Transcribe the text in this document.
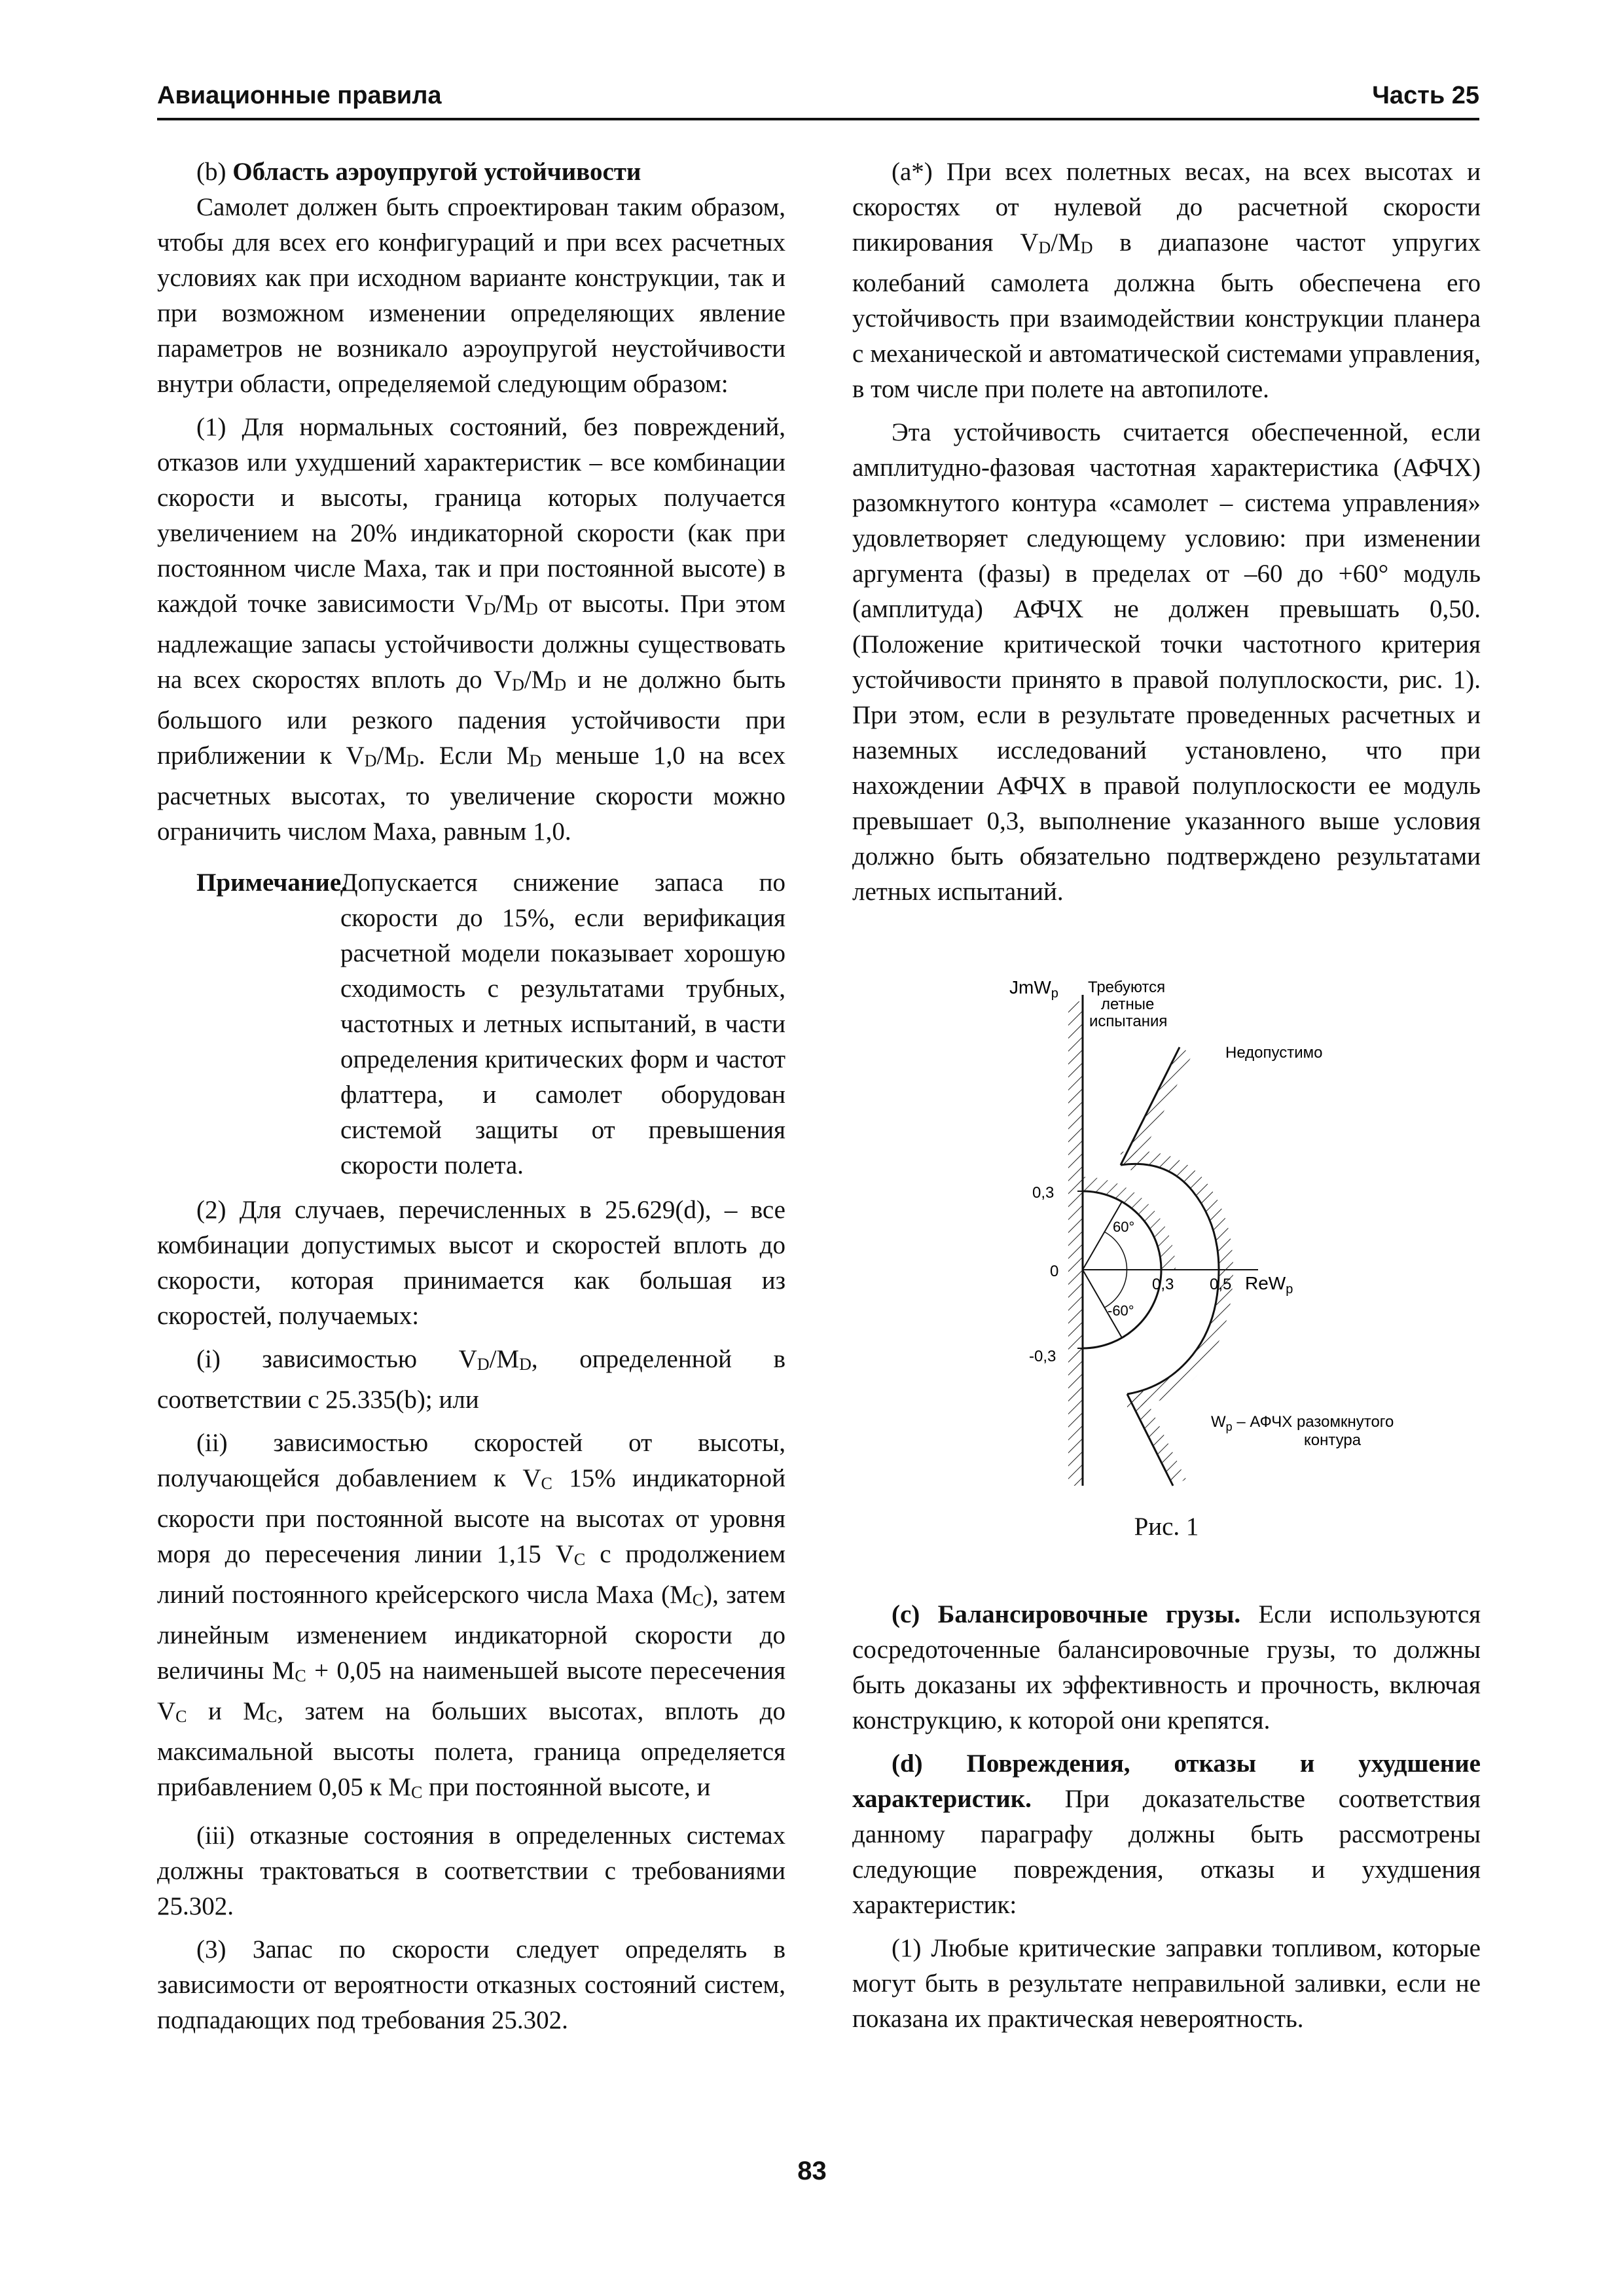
Авиационные правила	Часть 25
(b) Область аэроупругой устойчивости

Самолет должен быть спроектирован таким образом, чтобы для всех его конфигураций и при всех расчетных условиях как при исходном варианте конструкции, так и при возможном изменении определяющих явление параметров не возникало аэроупругой неустойчивости внутри области, определяемой следующим образом:

(1) Для нормальных состояний, без повреждений, отказов или ухудшений характеристик – все комбинации скорости и высоты, граница которых получается увеличением на 20% индикаторной скорости (как при постоянном числе Маха, так и при постоянной высоте) в каждой точке зависимости $V_D/M_D$ от высоты. При этом надлежащие запасы устойчивости должны существовать на всех скоростях вплоть до $V_D/M_D$ и не должно быть большого или резкого падения устойчивости при приближении к $V_D/M_D$. Если $M_D$ меньше 1,0 на всех расчетных высотах, то увеличение скорости можно ограничить числом Маха, равным 1,0.

Примечание.

Допускается снижение запаса по скорости до 15%, если верификация расчетной модели показывает хорошую сходимость с результатами трубных, частотных и летных испытаний, в части определения критических форм и частот флаттера, и самолет оборудован системой защиты от превышения скорости полета.

(2) Для случаев, перечисленных в 25.629(d), – все комбинации допустимых высот и скоростей вплоть до скорости, которая принимается как большая из скоростей, получаемых:

(i) зависимостью $V_D/M_D$, определенной в соответствии с 25.335(b); или

(ii) зависимостью скоростей от высоты, получающейся добавлением к $V_C$ 15% индикаторной скорости при постоянной высоте на высотах от уровня моря до пересечения линии 1,15 $V_C$ с продолжением линий постоянного крейсерского числа Маха $(M_C)$, затем линейным изменением индикаторной скорости до величины $M_C + 0,05$ на наименьшей высоте пересечения $V_C$ и $M_C$, затем на больших высотах, вплоть до максимальной высоты полета, граница определяется прибавлением 0,05 к $M_C$ при постоянной высоте, и

(iii) отказные состояния в определенных системах должны трактоваться в соответствии с требованиями 25.302.

(3) Запас по скорости следует определять в зависимости от вероятности отказных состояний систем, подпадающих под требования 25.302.

(a*) При всех полетных весах, на всех высотах и скоростях от нулевой до расчетной скорости пикирования $V_D/M_D$ в диапазоне частот упругих колебаний самолета должна быть обеспечена его устойчивость при взаимодействии конструкции планера с механической и автоматической системами управления, в том числе при полете на автопилоте.

Эта устойчивость считается обеспеченной, если амплитудно-фазовая частотная характеристика (АФЧХ) разомкнутого контура «самолет – система управления» удовлетворяет следующему условию: при изменении аргумента (фазы) в пределах от –60 до +60° модуль (амплитуда) АФЧХ не должен превышать 0,50. (Положение критической точки частотного критерия устойчивости принято в правой полуплоскости, рис. 1). При этом, если в результате проведенных расчетных и наземных исследований установлено, что при нахождении АФЧХ в правой полуплоскости ее модуль превышает 0,3, выполнение указанного выше условия должно быть обязательно подтверждено результатами летных испытаний.

JmW$_p$ Требуются
летные
испытания
Недопустимо
0,3
0
-0,3
0,3 0,5 ReW$_p$
60°
-60°
$W_p$ – АФЧХ разомкнутого
контура
Рис. 1

(c) Балансировочные грузы. Если используются сосредоточенные балансировочные грузы, то должны быть доказаны их эффективность и прочность, включая конструкцию, к которой они крепятся.

(d) Повреждения, отказы и ухудшение характеристик. При доказательстве соответствия данному параграфу должны быть рассмотрены следующие повреждения, отказы и ухудшения характеристик:

(1) Любые критические заправки топливом, которые могут быть в результате неправильной заливки, если не показана их практическая невероятность.

83
